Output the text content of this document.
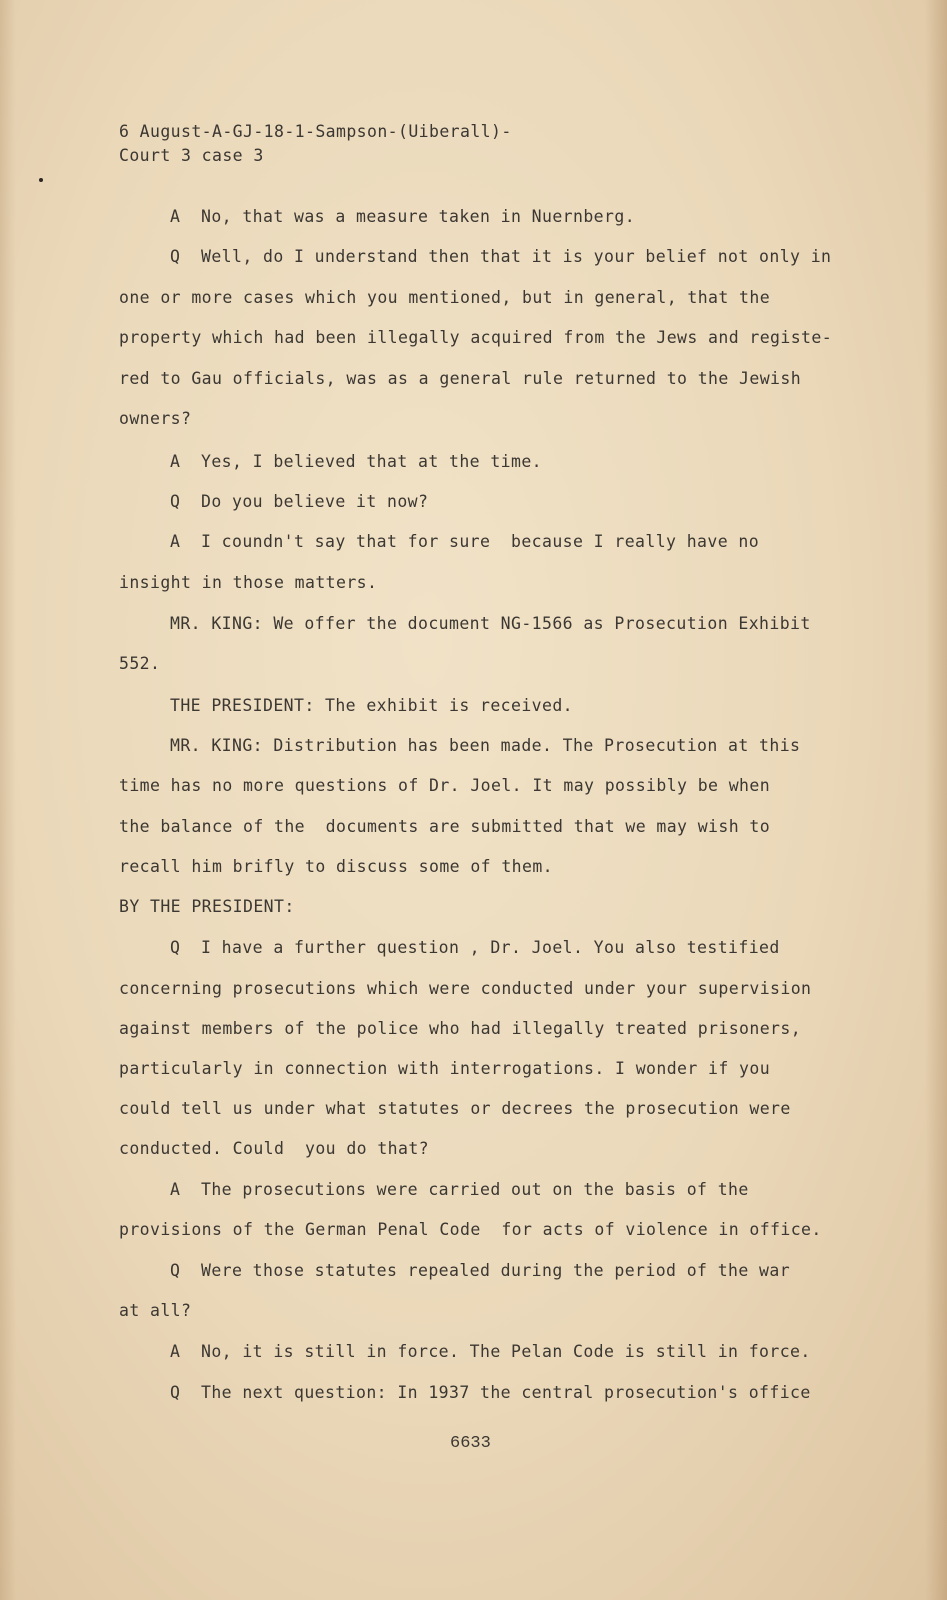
6 August-A-GJ-18-1-Sampson-(Uiberall)-
Court 3 case 3
A  No, that was a measure taken in Nuernberg.
Q  Well, do I understand then that it is your belief not only in
one or more cases which you mentioned, but in general, that the
property which had been illegally acquired from the Jews and registe-
red to Gau officials, was as a general rule returned to the Jewish
owners?
A  Yes, I believed that at the time.
Q  Do you believe it now?
A  I coundn't say that for sure  because I really have no
insight in those matters.
MR. KING: We offer the document NG-1566 as Prosecution Exhibit
552.
THE PRESIDENT: The exhibit is received.
MR. KING: Distribution has been made. The Prosecution at this
time has no more questions of Dr. Joel. It may possibly be when
the balance of the  documents are submitted that we may wish to
recall him brifly to discuss some of them.
BY THE PRESIDENT:
Q  I have a further question , Dr. Joel. You also testified
concerning prosecutions which were conducted under your supervision
against members of the police who had illegally treated prisoners,
particularly in connection with interrogations. I wonder if you
could tell us under what statutes or decrees the prosecution were
conducted. Could  you do that?
A  The prosecutions were carried out on the basis of the
provisions of the German Penal Code  for acts of violence in office.
Q  Were those statutes repealed during the period of the war
at all?
A  No, it is still in force. The Pelan Code is still in force.
Q  The next question: In 1937 the central prosecution's office
6633
